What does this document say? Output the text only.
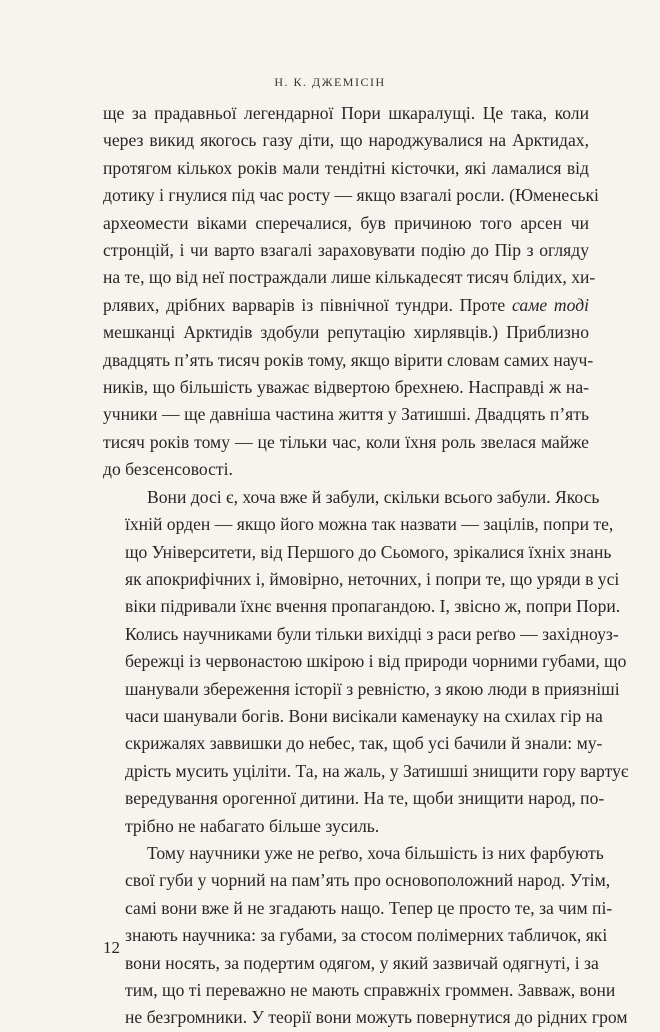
Н. К. ДЖЕМІСІН

ще за прадавньої легендарної Пори шкаралущі. Це така, коли
через викид якогось газу діти, що народжувалися на Арктидах,
протягом кількох років мали тендітні кісточки, які ламалися від
дотику і гнулися під час росту — якщо взагалі росли. (Юменеські
археомести віками сперечалися, був причиною того арсен чи
стронцій, і чи варто взагалі зараховувати подію до Пір з огляду
на те, що від неї постраждали лише кількадесят тисяч блідих, хи-
рлявих, дрібних варварів із північної тундри. Проте саме тоді
мешканці Арктидів здобули репутацію хирлявців.) Приблизно
двадцять п’ять тисяч років тому, якщо вірити словам самих науч-
ників, що більшість уважає відвертою брехнею. Насправді ж на-
учники — ще давніша частина життя у Затишші. Двадцять п’ять
тисяч років тому — це тільки час, коли їхня роль звелася майже
до безсенсовості.

Вони досі є, хоча вже й забули, скільки всього забули. Якось
їхній орден — якщо його можна так назвати — зацілів, попри те,
що Університети, від Першого до Сьомого, зрікалися їхніх знань
як апокрифічних і, ймовірно, неточних, і попри те, що уряди в усі
віки підривали їхнє вчення пропагандою. І, звісно ж, попри Пори.
Колись научниками були тільки вихідці з раси реґво — західноуз-
бережці із червонастою шкірою і від природи чорними губами, що
шанували збереження історії з ревністю, з якою люди в приязніші
часи шанували богів. Вони висікали каменауку на схилах гір на
скрижалях заввишки до небес, так, щоб усі бачили й знали: му-
дрість мусить уціліти. Та, на жаль, у Затишші знищити гору вартує
вередування орогенної дитини. На те, щоби знищити народ, по-
трібно не набагато більше зусиль.

Тому научники уже не реґво, хоча більшість із них фарбують
свої губи у чорний на пам’ять про основоположний народ. Утім,
самі вони вже й не згадають нащо. Тепер це просто те, за чим пі-
знають научника: за губами, за стосом полімерних табличок, які
вони носять, за подертим одягом, у який зазвичай одягнуті, і за
тим, що ті переважно не мають справжніх громмен. Завваж, вони
не безгромники. У теорії вони можуть повернутися до рідних гром

12
